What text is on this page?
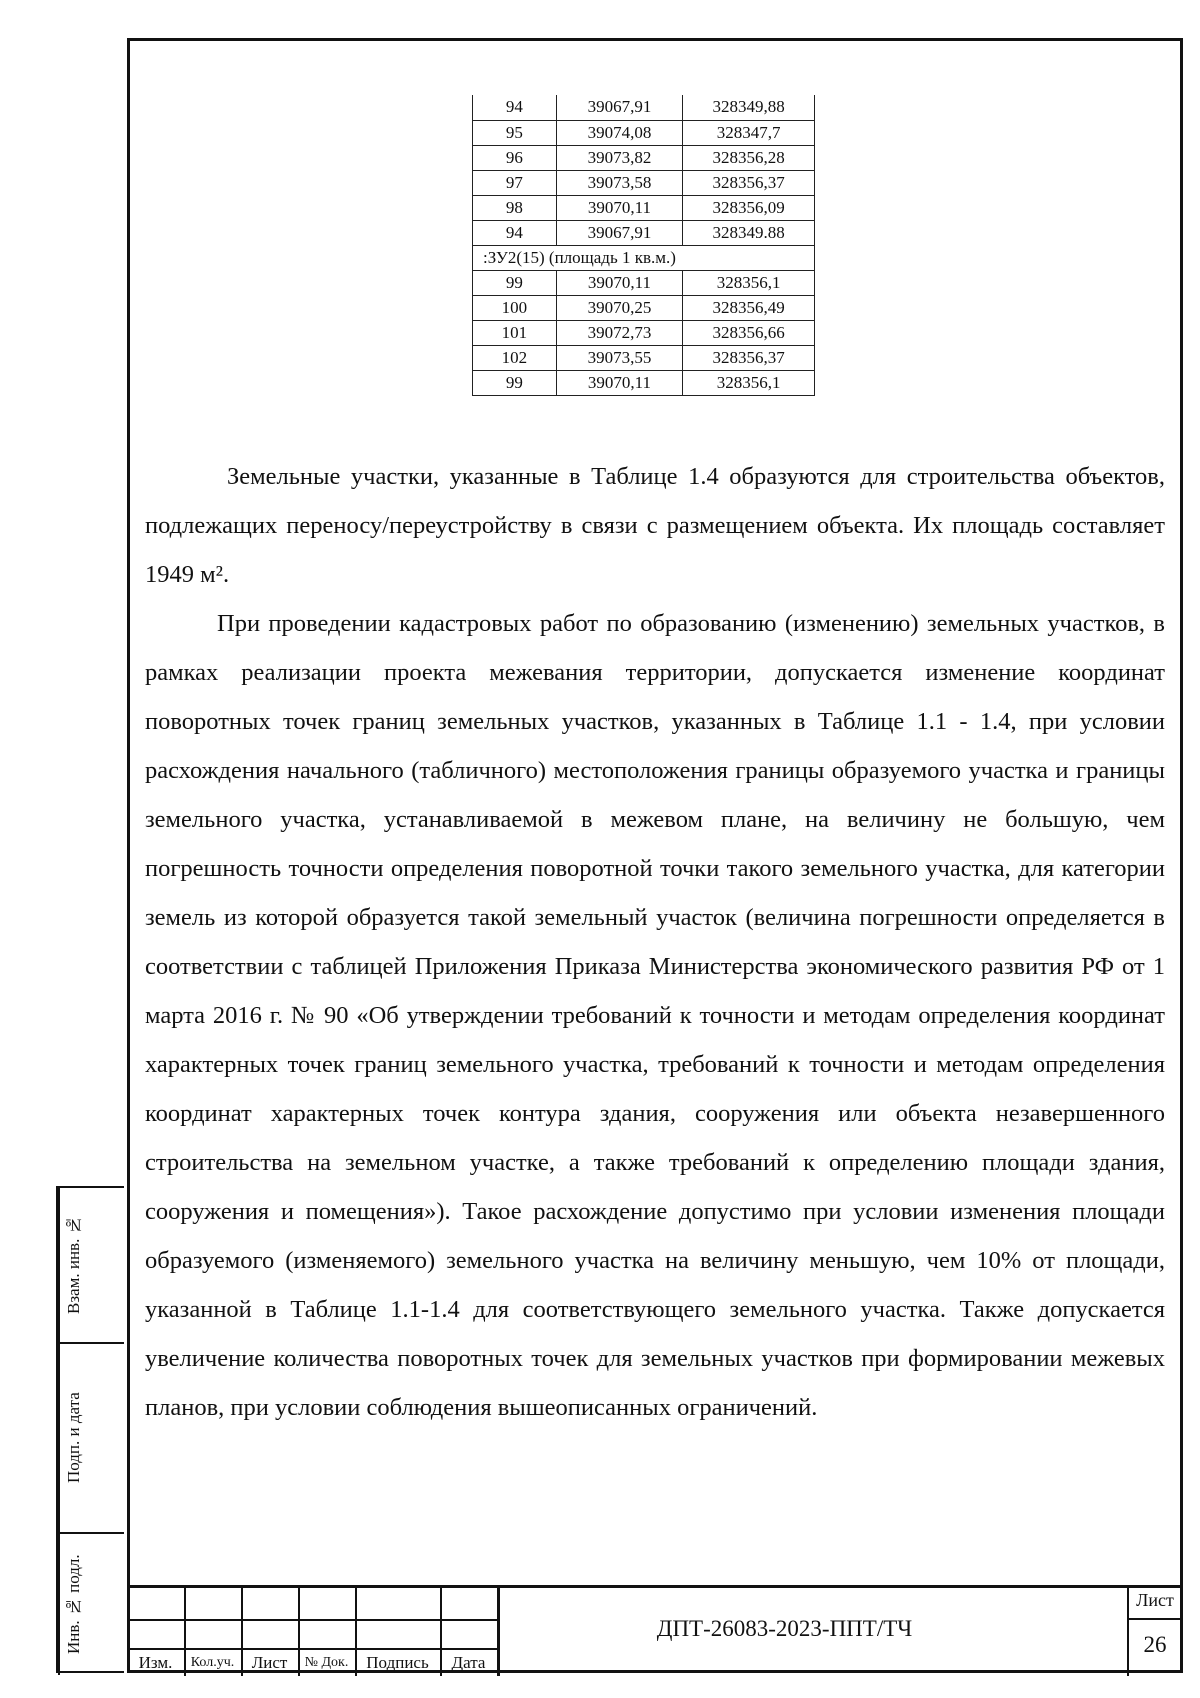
Взам. инв. №
Подп. и дата
Инв. № подл.
94	39067,91	328349,88
95	39074,08	328347,7
96	39073,82	328356,28
97	39073,58	328356,37
98	39070,11	328356,09
94	39067,91	328349.88
:ЗУ2(15) (площадь 1 кв.м.)		
99	39070,11	328356,1
100	39070,25	328356,49
101	39072,73	328356,66
102	39073,55	328356,37
99	39070,11	328356,1

Земельные участки, указанные в Таблице 1.4 образуются для строительства объектов, подлежащих переносу/переустройству в связи с размещением объекта. Их площадь составляет 1949 м².

При проведении кадастровых работ по образованию (изменению) земельных участков, в рамках реализации проекта межевания территории, допускается изменение координат поворотных точек границ земельных участков, указанных в Таблице 1.1 - 1.4, при условии расхождения начального (табличного) местоположения границы образуемого участка и границы земельного участка, устанавливаемой в межевом плане, на величину не большую, чем погрешность точности определения поворотной точки такого земельного участка, для категории земель из которой образуется такой земельный участок (величина погрешности определяется в соответствии с таблицей Приложения Приказа Министерства экономического развития РФ от 1 марта 2016 г. № 90 «Об утверждении требований к точности и методам определения координат характерных точек границ земельного участка, требований к точности и методам определения координат характерных точек контура здания, сооружения или объекта незавершенного строительства на земельном участке, а также требований к определению площади здания, сооружения и помещения»). Такое расхождение допустимо при условии изменения площади образуемого (изменяемого) земельного участка на величину меньшую, чем 10% от площади, указанной в Таблице 1.1-1.4 для соответствующего земельного участка. Также допускается увеличение количества поворотных точек для земельных участков при формировании межевых планов, при условии соблюдения вышеописанных ограничений.

Изм.	Кол.уч.	Лист	№ Док.	Подпись	Дата
ДПТ-26083-2023-ППТ/ТЧ
Лист
26
